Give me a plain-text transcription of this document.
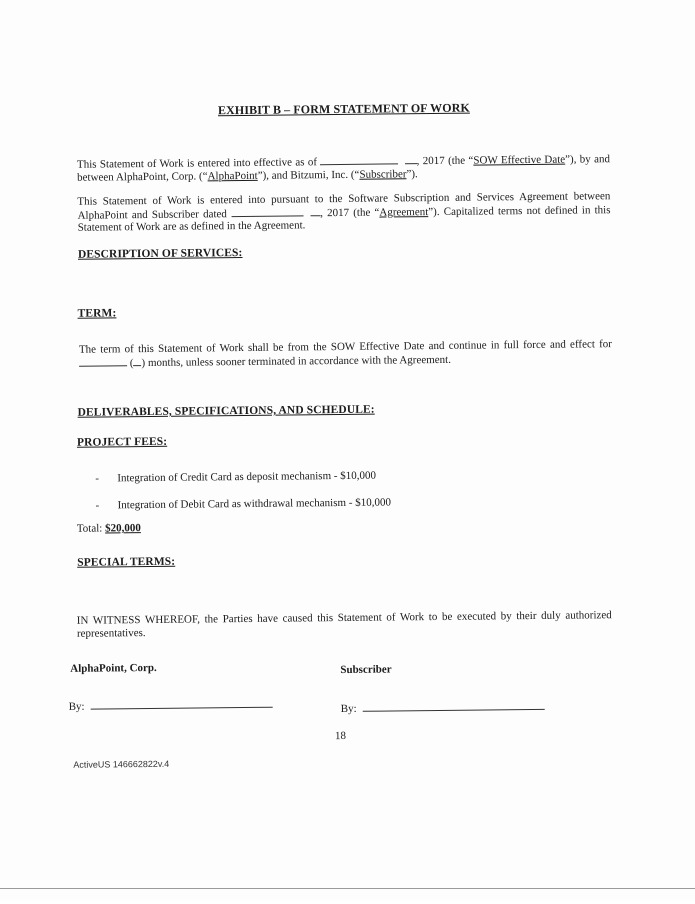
EXHIBIT B – FORM STATEMENT OF WORK
This Statement of Work is entered into effective as of	, 2017 (the “SOW Effective Date”), by and between AlphaPoint, Corp. (“AlphaPoint”), and Bitzumi, Inc. (“Subscriber”).
This Statement of Work is entered into pursuant to the Software Subscription and Services Agreement between AlphaPoint and Subscriber dated	, 2017 (the “Agreement”). Capitalized terms not defined in this Statement of Work are as defined in the Agreement.
DESCRIPTION OF SERVICES:
TERM:
The term of this Statement of Work shall be from the SOW Effective Date and continue in full force and effect for  ( ) months, unless sooner terminated in accordance with the Agreement.
DELIVERABLES, SPECIFICATIONS, AND SCHEDULE:
PROJECT FEES:
- Integration of Credit Card as deposit mechanism - $10,000
- Integration of Debit Card as withdrawal mechanism - $10,000
Total: $20,000
SPECIAL TERMS:
IN WITNESS WHEREOF, the Parties have caused this Statement of Work to be executed by their duly authorized representatives.
AlphaPoint, Corp.	Subscriber
By:	By:
18
ActiveUS 146662822v.4
